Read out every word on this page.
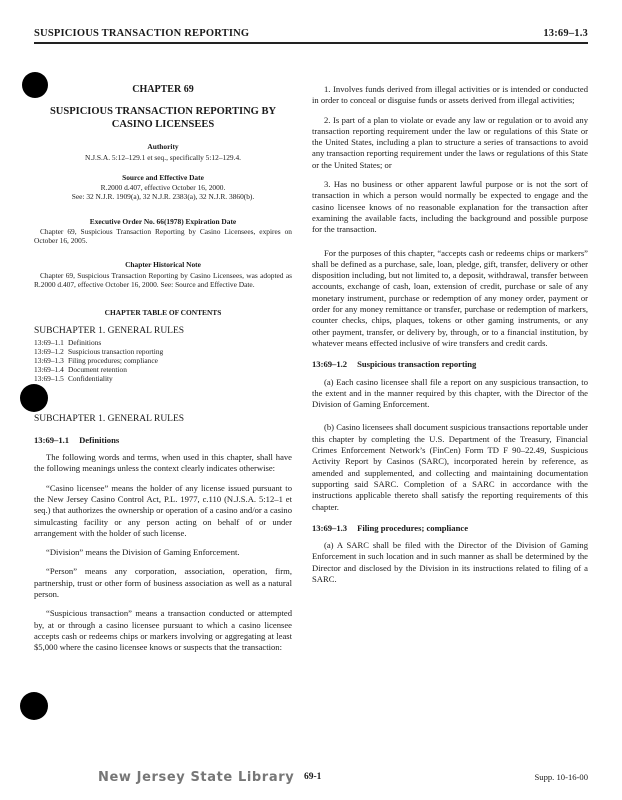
SUSPICIOUS TRANSACTION REPORTING	13:69–1.3
CHAPTER 69
SUSPICIOUS TRANSACTION REPORTING BY CASINO LICENSEES
Authority
N.J.S.A. 5:12–129.1 et seq., specifically 5:12–129.4.
Source and Effective Date
R.2000 d.407, effective October 16, 2000.
See: 32 N.J.R. 1909(a), 32 N.J.R. 2383(a), 32 N.J.R. 3860(b).
Executive Order No. 66(1978) Expiration Date
Chapter 69, Suspicious Transaction Reporting by Casino Licensees, expires on October 16, 2005.
Chapter Historical Note
Chapter 69, Suspicious Transaction Reporting by Casino Licensees, was adopted as R.2000 d.407, effective October 16, 2000. See: Source and Effective Date.
CHAPTER TABLE OF CONTENTS
SUBCHAPTER 1. GENERAL RULES
13:69–1.1 Definitions
13:69–1.2 Suspicious transaction reporting
13:69–1.3 Filing procedures; compliance
13:69–1.4 Document retention
13:69–1.5 Confidentiality
SUBCHAPTER 1. GENERAL RULES
13:69–1.1 Definitions

The following words and terms, when used in this chapter, shall have the following meanings unless the context clearly indicates otherwise:

“Casino licensee” means the holder of any license issued pursuant to the New Jersey Casino Control Act, P.L. 1977, c.110 (N.J.S.A. 5:12–1 et seq.) that authorizes the ownership or operation of a casino and/or a casino simulcasting facility or any person acting on behalf of or under arrangement with the holder of such license.

“Division” means the Division of Gaming Enforcement.

“Person” means any corporation, association, operation, firm, partnership, trust or other form of business association as well as a natural person.

“Suspicious transaction” means a transaction conducted or attempted by, at or through a casino licensee pursuant to which a casino licensee accepts cash or redeems chips or markers involving or aggregating at least $5,000 where the casino licensee knows or suspects that the transaction:

1. Involves funds derived from illegal activities or is intended or conducted in order to conceal or disguise funds or assets derived from illegal activities;

2. Is part of a plan to violate or evade any law or regulation or to avoid any transaction reporting requirement under the law or regulations of this State or the United States, including a plan to structure a series of transactions to avoid any transaction reporting requirement under the laws or regulations of this State or the United States; or

3. Has no business or other apparent lawful purpose or is not the sort of transaction in which a person would normally be expected to engage and the casino licensee knows of no reasonable explanation for the transaction after examining the available facts, including the background and possible purpose for the transaction.

For the purposes of this chapter, “accepts cash or redeems chips or markers” shall be defined as a purchase, sale, loan, pledge, gift, transfer, delivery or other disposition including, but not limited to, a deposit, withdrawal, transfer between accounts, exchange of cash, loan, extension of credit, purchase or sale of any monetary instrument, purchase or redemption of any money order, payment or order for any money remittance or transfer, purchase or redemption of markers, counter checks, chips, plaques, tokens or other gaming instruments, or any other payment, transfer, or delivery by, through, or to a financial institution, by whatever means effected inclusive of wire transfers and credit cards.

13:69–1.2 Suspicious transaction reporting

(a) Each casino licensee shall file a report on any suspicious transaction, to the extent and in the manner required by this chapter, with the Director of the Division of Gaming Enforcement.

(b) Casino licensees shall document suspicious transactions reportable under this chapter by completing the U.S. Department of the Treasury, Financial Crimes Enforcement Network’s (FinCen) Form TD F 90–22.49, Suspicious Activity Report by Casinos (SARC), incorporated herein by reference, as amended and supplemented, and collecting and maintaining documentation supporting said SARC. Completion of a SARC in accordance with the instructions applicable thereto shall satisfy the reporting requirements of this chapter.

13:69–1.3 Filing procedures; compliance

(a) A SARC shall be filed with the Director of the Division of Gaming Enforcement in such location and in such manner as shall be determined by the Director and disclosed by the Division in its instructions related to filing of a SARC.

New Jersey State Library 69-1	Supp. 10-16-00
